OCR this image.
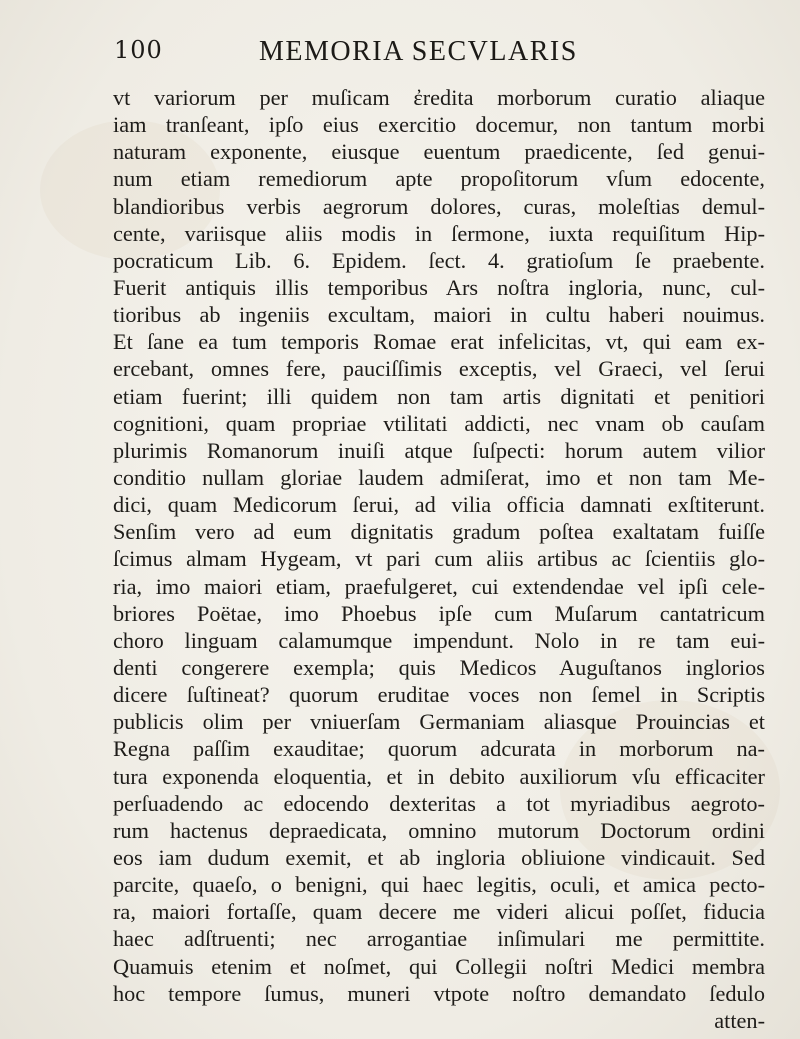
100	MEMORIA SECVLARIS
vt variorum per muſicam ἐredita morborum curatio aliaque
iam tranſeant, ipſo eius exercitio docemur, non tantum morbi
naturam exponente, eiusque euentum praedicente, ſed genui-
num etiam remediorum apte propoſitorum vſum edocente,
blandioribus verbis aegrorum dolores, curas, moleſtias demul-
cente, variisque aliis modis in ſermone, iuxta requiſitum Hip-
pocraticum Lib. 6. Epidem. ſect. 4. gratioſum ſe praebente.
Fuerit antiquis illis temporibus Ars noſtra ingloria, nunc, cul-
tioribus ab ingeniis excultam, maiori in cultu haberi nouimus.
Et ſane ea tum temporis Romae erat infelicitas, vt, qui eam ex-
ercebant, omnes fere, pauciſſimis exceptis, vel Graeci, vel ſerui
etiam fuerint; illi quidem non tam artis dignitati et penitiori
cognitioni, quam propriae vtilitati addicti, nec vnam ob cauſam
plurimis Romanorum inuiſi atque ſuſpecti: horum autem vilior
conditio nullam gloriae laudem admiſerat, imo et non tam Me-
dici, quam Medicorum ſerui, ad vilia officia damnati exſtiterunt.
Senſim vero ad eum dignitatis gradum poſtea exaltatam fuiſſe
ſcimus almam Hygeam, vt pari cum aliis artibus ac ſcientiis glo-
ria, imo maiori etiam, praefulgeret, cui extendendae vel ipſi cele-
briores Poëtae, imo Phoebus ipſe cum Muſarum cantatricum
choro linguam calamumque impendunt. Nolo in re tam eui-
denti congerere exempla; quis Medicos Auguſtanos inglorios
dicere ſuſtineat? quorum eruditae voces non ſemel in Scriptis
publicis olim per vniuerſam Germaniam aliasque Prouincias et
Regna paſſim exauditae; quorum adcurata in morborum na-
tura exponenda eloquentia, et in debito auxiliorum vſu efficaciter
perſuadendo ac edocendo dexteritas a tot myriadibus aegroto-
rum hactenus depraedicata, omnino mutorum Doctorum ordini
eos iam dudum exemit, et ab ingloria obliuione vindicauit. Sed
parcite, quaeſo, o benigni, qui haec legitis, oculi, et amica pecto-
ra, maiori fortaſſe, quam decere me videri alicui poſſet, fiducia
haec adſtruenti; nec arrogantiae inſimulari me permittite.
Quamuis etenim et noſmet, qui Collegii noſtri Medici membra
hoc tempore ſumus, muneri vtpote noſtro demandato ſedulo
atten-
